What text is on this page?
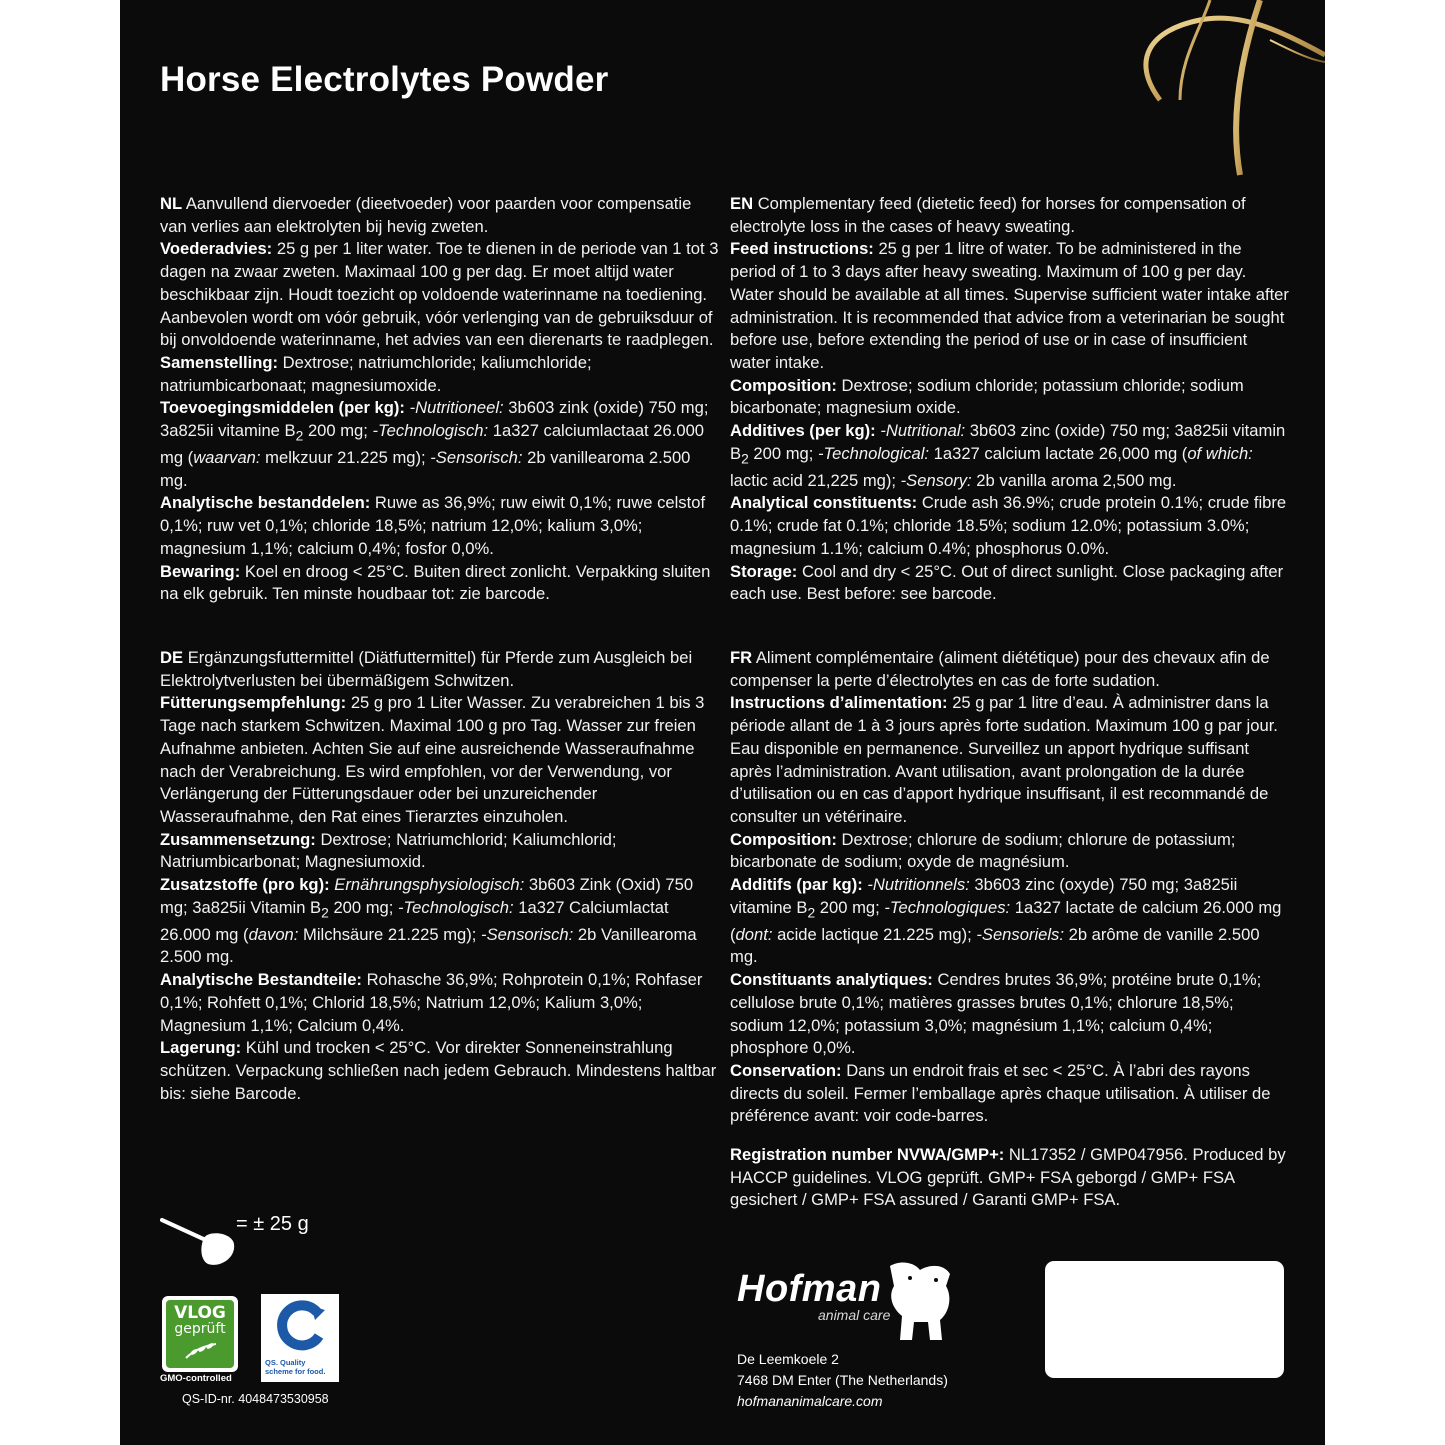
Horse Electrolytes Powder

NL Aanvullend diervoeder (dieetvoeder) voor paarden voor compensatie van verlies aan elektrolyten bij hevig zweten.

Voederadvies: 25 g per 1 liter water. Toe te dienen in de periode van 1 tot 3 dagen na zwaar zweten. Maximaal 100 g per dag. Er moet altijd water beschikbaar zijn. Houdt toezicht op voldoende waterinname na toediening. Aanbevolen wordt om vóór gebruik, vóór verlenging van de gebruiksduur of bij onvoldoende waterinname, het advies van een dierenarts te raadplegen.

Samenstelling: Dextrose; natriumchloride; kaliumchloride; natriumbicarbonaat; magnesiumoxide.

Toevoegingsmiddelen (per kg): -Nutritioneel: 3b603 zink (oxide) 750 mg; 3a825ii vitamine $B_2$ 200 mg; -Technologisch: 1a327 calciumlactaat 26.000 mg (waarvan: melkzuur 21.225 mg); -Sensorisch: 2b vanillearoma 2.500 mg.

Analytische bestanddelen: Ruwe as 36,9%; ruw eiwit 0,1%; ruwe celstof 0,1%; ruw vet 0,1%; chloride 18,5%; natrium 12,0%; kalium 3,0%; magnesium 1,1%; calcium 0,4%; fosfor 0,0%.

Bewaring: Koel en droog < 25°C. Buiten direct zonlicht. Verpakking sluiten na elk gebruik. Ten minste houdbaar tot: zie barcode.

EN Complementary feed (dietetic feed) for horses for compensation of electrolyte loss in the cases of heavy sweating.

Feed instructions: 25 g per 1 litre of water. To be administered in the period of 1 to 3 days after heavy sweating. Maximum of 100 g per day. Water should be available at all times. Supervise sufficient water intake after administration. It is recommended that advice from a veterinarian be sought before use, before extending the period of use or in case of insufficient water intake.

Composition: Dextrose; sodium chloride; potassium chloride; sodium bicarbonate; magnesium oxide.

Additives (per kg): -Nutritional: 3b603 zinc (oxide) 750 mg; 3a825ii vitamin $B_2$ 200 mg; -Technological: 1a327 calcium lactate 26,000 mg (of which: lactic acid 21,225 mg); -Sensory: 2b vanilla aroma 2,500 mg.

Analytical constituents: Crude ash 36.9%; crude protein 0.1%; crude fibre 0.1%; crude fat 0.1%; chloride 18.5%; sodium 12.0%; potassium 3.0%; magnesium 1.1%; calcium 0.4%; phosphorus 0.0%.

Storage: Cool and dry < 25°C. Out of direct sunlight. Close packaging after each use. Best before: see barcode.

DE Ergänzungsfuttermittel (Diätfuttermittel) für Pferde zum Ausgleich bei Elektrolytverlusten bei übermäßigem Schwitzen.

Fütterungsempfehlung: 25 g pro 1 Liter Wasser. Zu verabreichen 1 bis 3 Tage nach starkem Schwitzen. Maximal 100 g pro Tag. Wasser zur freien Aufnahme anbieten. Achten Sie auf eine ausreichende Wasseraufnahme nach der Verabreichung. Es wird empfohlen, vor der Verwendung, vor Verlängerung der Fütterungsdauer oder bei unzureichender Wasseraufnahme, den Rat eines Tierarztes einzuholen.

Zusammensetzung: Dextrose; Natriumchlorid; Kaliumchlorid; Natriumbicarbonat; Magnesiumoxid.

Zusatzstoffe (pro kg): Ernährungsphysiologisch: 3b603 Zink (Oxid) 750 mg; 3a825ii Vitamin $B_2$ 200 mg; -Technologisch: 1a327 Calciumlactat 26.000 mg (davon: Milchsäure 21.225 mg); -Sensorisch: 2b Vanillearoma 2.500 mg.

Analytische Bestandteile: Rohasche 36,9%; Rohprotein 0,1%; Rohfaser 0,1%; Rohfett 0,1%; Chlorid 18,5%; Natrium 12,0%; Kalium 3,0%; Magnesium 1,1%; Calcium 0,4%.

Lagerung: Kühl und trocken < 25°C. Vor direkter Sonneneinstrahlung schützen. Verpackung schließen nach jedem Gebrauch. Mindestens haltbar bis: siehe Barcode.

FR Aliment complémentaire (aliment diététique) pour des chevaux afin de compenser la perte d’électrolytes en cas de forte sudation.

Instructions d’alimentation: 25 g par 1 litre d’eau. À administrer dans la période allant de 1 à 3 jours après forte sudation. Maximum 100 g par jour. Eau disponible en permanence. Surveillez un apport hydrique suffisant après l’administration. Avant utilisation, avant prolongation de la durée d’utilisation ou en cas d’apport hydrique insuffisant, il est recommandé de consulter un vétérinaire.

Composition: Dextrose; chlorure de sodium; chlorure de potassium; bicarbonate de sodium; oxyde de magnésium.

Additifs (par kg): -Nutritionnels: 3b603 zinc (oxyde) 750 mg; 3a825ii vitamine $B_2$ 200 mg; -Technologiques: 1a327 lactate de calcium 26.000 mg (dont: acide lactique 21.225 mg); -Sensoriels: 2b arôme de vanille 2.500 mg.

Constituants analytiques: Cendres brutes 36,9%; protéine brute 0,1%; cellulose brute 0,1%; matières grasses brutes 0,1%; chlorure 18,5%; sodium 12,0%; potassium 3,0%; magnésium 1,1%; calcium 0,4%; phosphore 0,0%.

Conservation: Dans un endroit frais et sec < 25°C. À l’abri des rayons directs du soleil. Fermer l’emballage après chaque utilisation. À utiliser de préférence avant: voir code-barres.

Registration number NVWA/GMP+: NL17352 / GMP047956. Produced by HACCP guidelines. VLOG geprüft. GMP+ FSA geborgd / GMP+ FSA gesichert / GMP+ FSA assured / Garanti GMP+ FSA.

= ± 25 g
VLOG
geprüft
GMO-controlled
QS. Quality scheme for food.
QS-ID-nr. 4048473530958
Hofman
animal care
De Leemkoele 2
7468 DM Enter (The Netherlands)
hofmananimalcare.com
